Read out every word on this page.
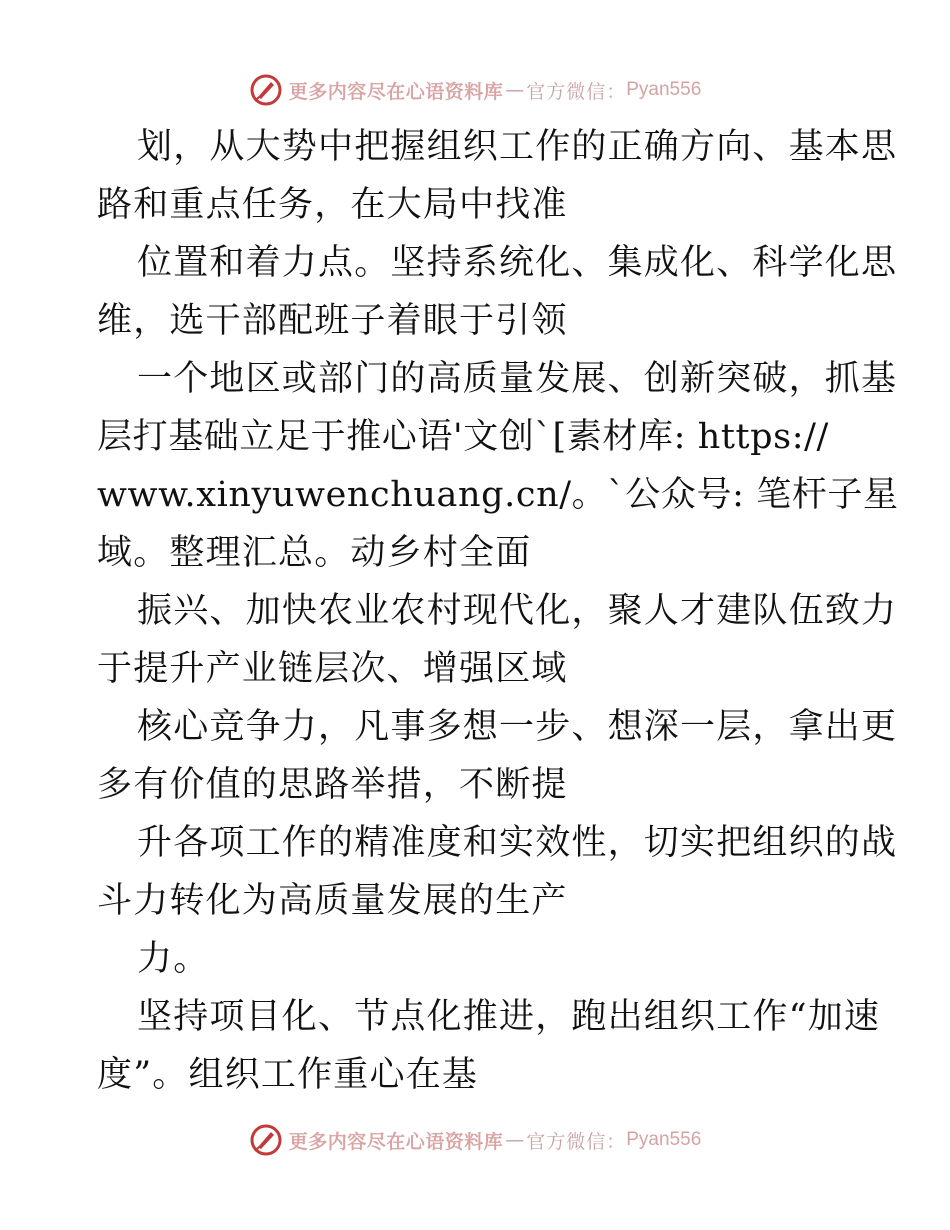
更多内容尽在心语资料库 — 官方微信： Pyan556
划，从大势中把握组织工作的正确方向、基本思
路和重点任务，在大局中找准
位置和着力点。坚持系统化、集成化、科学化思
维，选干部配班子着眼于引领
一个地区或部门的高质量发展、创新突破，抓基
层打基础立足于推心语'文创`[素材库: https://
www.xinyuwenchuang.cn/。`公众号: 笔杆子星
域。整理汇总。动乡村全面
振兴、加快农业农村现代化，聚人才建队伍致力
于提升产业链层次、增强区域
核心竞争力，凡事多想一步、想深一层，拿出更
多有价值的思路举措，不断提
升各项工作的精准度和实效性，切实把组织的战
斗力转化为高质量发展的生产
力。
坚持项目化、节点化推进，跑出组织工作“加速
度”。组织工作重心在基
更多内容尽在心语资料库 — 官方微信： Pyan556
